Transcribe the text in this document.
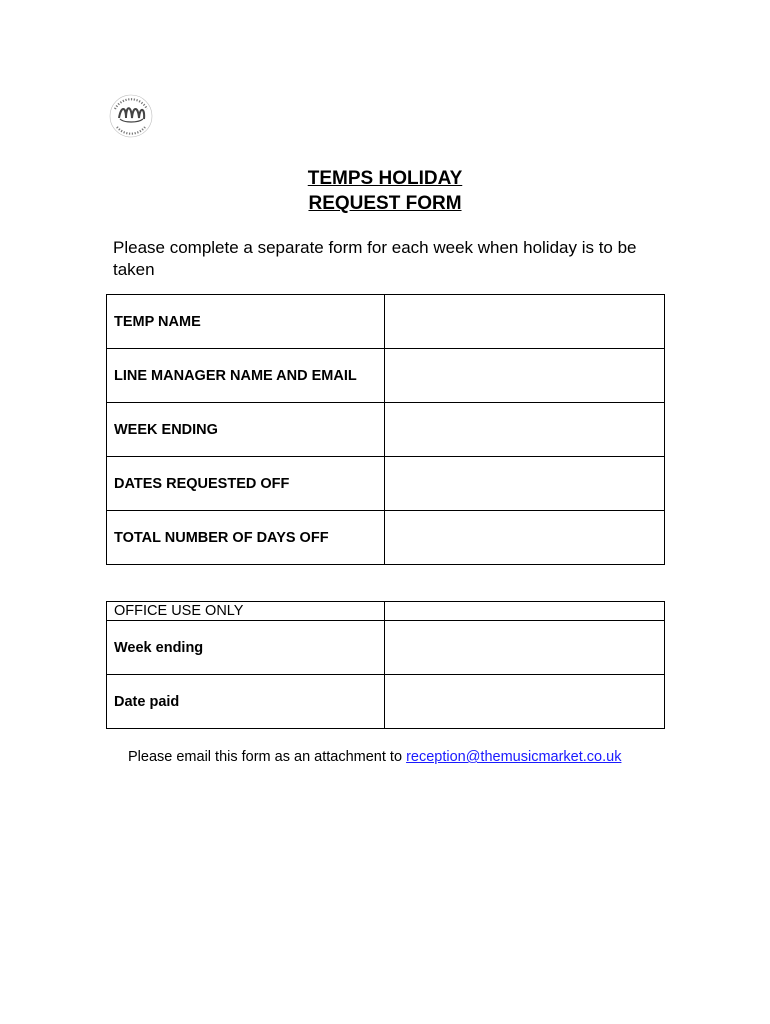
TEMPS HOLIDAY
REQUEST FORM
Please complete a separate form for each week when holiday is to be taken
TEMP NAME	
LINE MANAGER NAME AND EMAIL	
WEEK ENDING	
DATES REQUESTED OFF	
TOTAL NUMBER OF DAYS OFF	
OFFICE USE ONLY	
Week ending	
Date paid	
Please email this form as an attachment to reception@themusicmarket.co.uk
